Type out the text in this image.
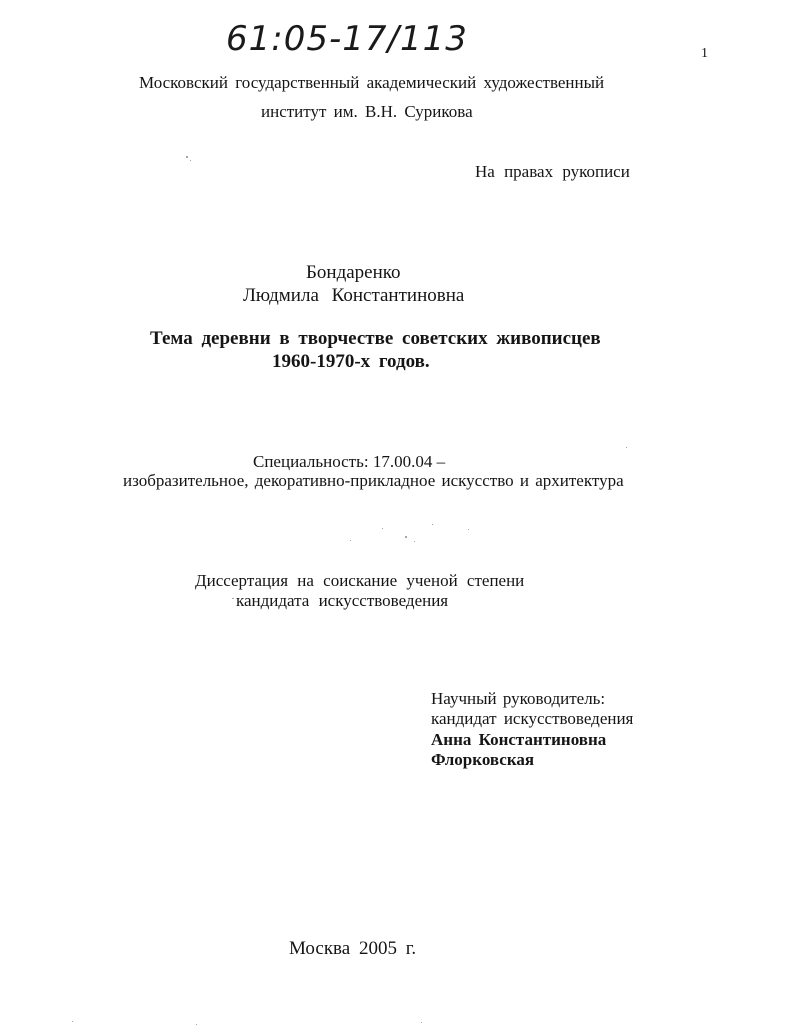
61:05-17/113	1
Московский государственный академический художественный
институт им. В.Н. Сурикова
На правах рукописи
Бондаренко
Людмила Константиновна
Тема деревни в творчестве советских живописцев
1960-1970-х годов.
Специальность: 17.00.04 –
изобразительное, декоративно-прикладное искусство и архитектура
Диссертация на соискание ученой степени
кандидата искусствоведения
Научный руководитель:
кандидат искусствоведения
Анна Константиновна
Флорковская
Москва 2005 г.
